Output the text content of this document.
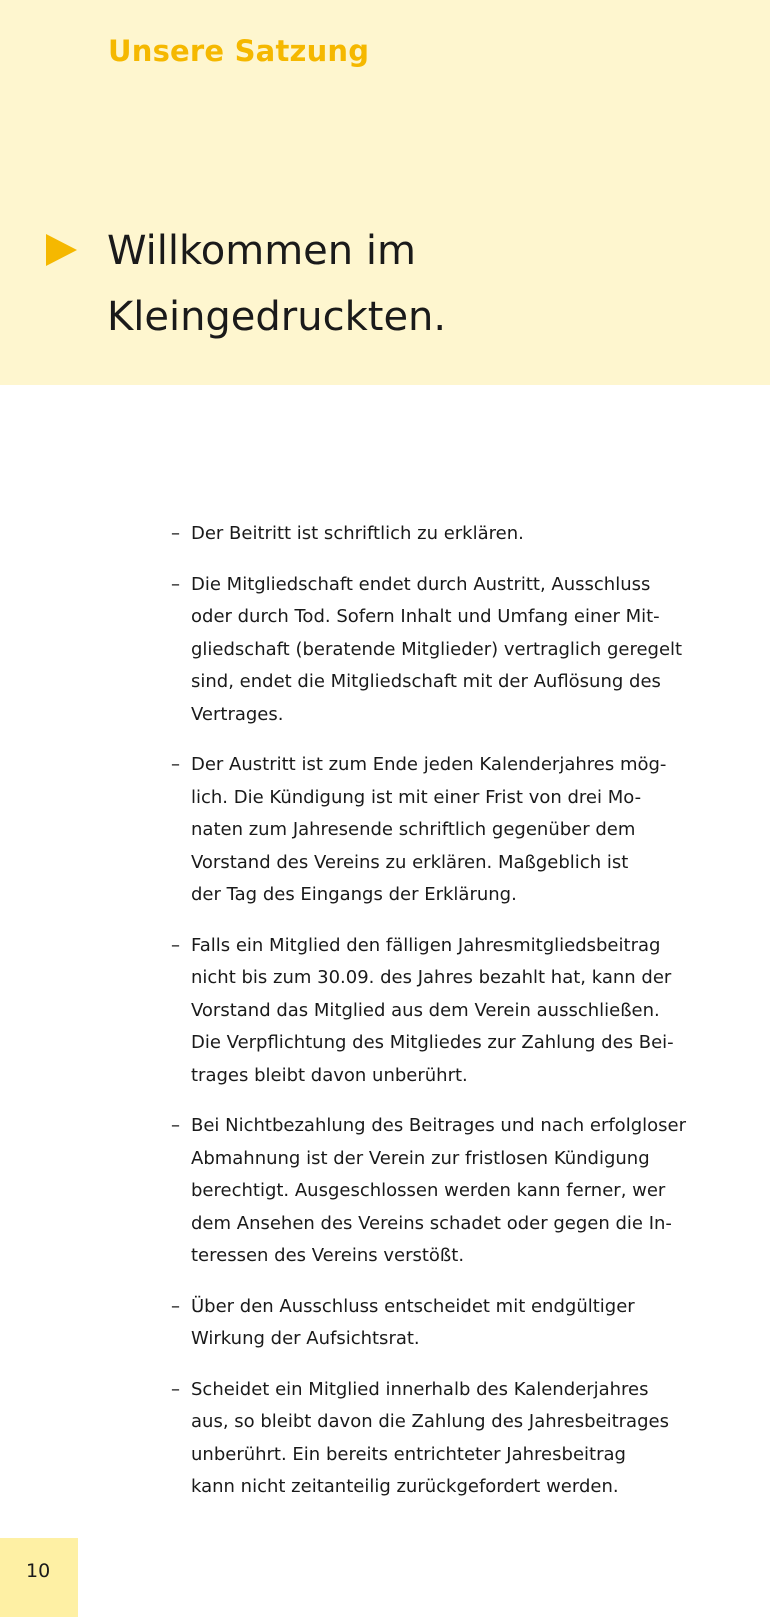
Unsere Satzung
Willkommen im
Kleingedruckten.
– Der Beitritt ist schriftlich zu erklären.
– Die Mitgliedschaft endet durch Austritt, Ausschluss
oder durch Tod. Sofern Inhalt und Umfang einer Mit-
gliedschaft (beratende Mitglieder) vertraglich geregelt
sind, endet die Mitgliedschaft mit der Auflösung des
Vertrages.
– Der Austritt ist zum Ende jeden Kalenderjahres mög-
lich. Die Kündigung ist mit einer Frist von drei Mo-
naten zum Jahresende schriftlich gegenüber dem
Vorstand des Vereins zu erklären. Maßgeblich ist
der Tag des Eingangs der Erklärung.
– Falls ein Mitglied den fälligen Jahresmitgliedsbeitrag
nicht bis zum 30.09. des Jahres bezahlt hat, kann der
Vorstand das Mitglied aus dem Verein ausschließen.
Die Verpflichtung des Mitgliedes zur Zahlung des Bei-
trages bleibt davon unberührt.
– Bei Nichtbezahlung des Beitrages und nach erfolgloser
Abmahnung ist der Verein zur fristlosen Kündigung
berechtigt. Ausgeschlossen werden kann ferner, wer
dem Ansehen des Vereins schadet oder gegen die In-
teressen des Vereins verstößt.
– Über den Ausschluss entscheidet mit endgültiger
Wirkung der Aufsichtsrat.
– Scheidet ein Mitglied innerhalb des Kalenderjahres
aus, so bleibt davon die Zahlung des Jahresbeitrages
unberührt. Ein bereits entrichteter Jahresbeitrag
kann nicht zeitanteilig zurückgefordert werden.
10
